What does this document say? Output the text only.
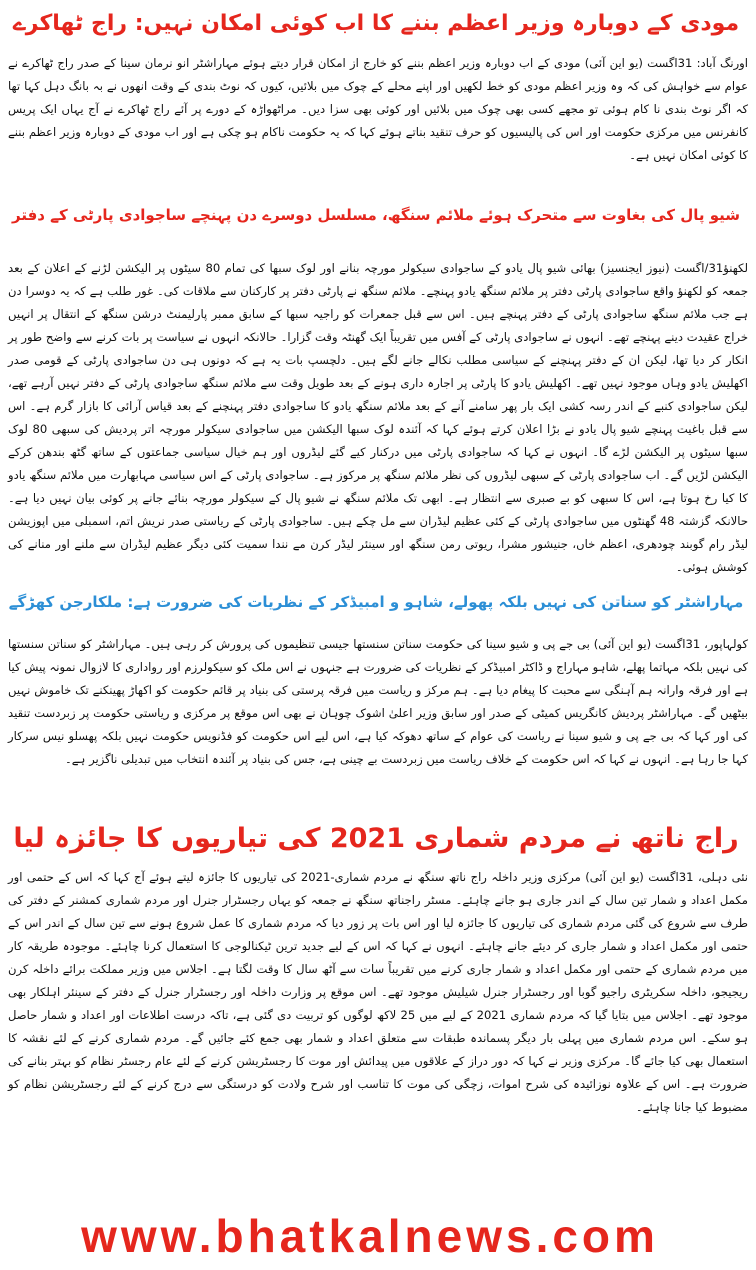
مودی کے دوبارہ وزیر اعظم بننے کا اب کوئی امکان نہیں: راج ٹھاکرے

اورنگ آباد: 31اگست (یو این آئی) مودی کے اب دوبارہ وزیر اعظم بننے کو خارج از امکان قرار دیتے ہوئے مہاراشٹر انو نرمان سینا کے صدر راج ٹھاکرے نے عوام سے خواہش کی کہ وہ وزیر اعظم مودی کو خط لکھیں اور اپنے محلے کے چوک میں بلائیں، کیوں کہ نوٹ بندی کے وقت انھوں نے بہ بانگ دہل کہا تھا کہ اگر نوٹ بندی نا کام ہوئی تو مجھے کسی بھی چوک میں بلائیں اور کوئی بھی سزا دیں۔ مراٹھواڑہ کے دورے پر آئے راج ٹھاکرے نے آج یہاں ایک پریس کانفرنس میں مرکزی حکومت اور اس کی پالیسیوں کو حرف تنقید بناتے ہوئے کہا کہ یہ حکومت ناکام ہو چکی ہے اور اب مودی کے دوبارہ وزیر اعظم بننے کا کوئی امکان نہیں ہے۔

شیو پال کی بغاوت سے متحرک ہوئے ملائم سنگھ، مسلسل دوسرے دن پہنچے ساجوادی پارٹی کے دفتر

لکھنؤ31/اگست (نیوز ایجنسیز) بھائی شیو پال یادو کے ساجوادی سیکولر مورچہ بنانے اور لوک سبھا کی تمام 80 سیٹوں پر الیکشن لڑنے کے اعلان کے بعد جمعہ کو لکھنؤ واقع ساجوادی پارٹی دفتر پر ملائم سنگھ یادو پہنچے۔ ملائم سنگھ نے پارٹی دفتر پر کارکنان سے ملاقات کی۔ غور طلب ہے کہ یہ دوسرا دن ہے جب ملائم سنگھ ساجوادی پارٹی کے دفتر پہنچے ہیں۔ اس سے قبل جمعرات کو راجیہ سبھا کے سابق ممبر پارلیمنٹ درشن سنگھ کے انتقال پر انہیں خراج عقیدت دینے پہنچے تھے۔ انہوں نے ساجوادی پارٹی کے آفس میں تقریباً ایک گھنٹہ وقت گزارا۔ حالانکہ انہوں نے سیاست پر بات کرنے سے واضح طور پر انکار کر دیا تھا، لیکن ان کے دفتر پہنچنے کے سیاسی مطلب نکالے جانے لگے ہیں۔ دلچسپ بات یہ ہے کہ دونوں ہی دن ساجوادی پارٹی کے قومی صدر اکھلیش یادو وہاں موجود نہیں تھے۔ اکھلیش یادو کا پارٹی پر اجارہ داری ہونے کے بعد طویل وقت سے ملائم سنگھ ساجوادی پارٹی کے دفتر نہیں آرہے تھے، لیکن ساجوادی کنبے کے اندر رسہ کشی ایک بار پھر سامنے آنے کے بعد ملائم سنگھ یادو کا ساجوادی دفتر پہنچنے کے بعد قیاس آرائی کا بازار گرم ہے۔ اس سے قبل باغیت پہنچے شیو پال یادو نے بڑا اعلان کرتے ہوئے کہا کہ آئندہ لوک سبھا الیکشن میں ساجوادی سیکولر مورچہ اتر پردیش کی سبھی 80 لوک سبھا سیٹوں پر الیکشن لڑے گا۔ انہوں نے کہا کہ ساجوادی پارٹی میں درکنار کیے گئے لیڈروں اور ہم خیال سیاسی جماعتوں کے ساتھ گٹھ بندھن کرکے الیکشن لڑیں گے۔ اب ساجوادی پارٹی کے سبھی لیڈروں کی نظر ملائم سنگھ پر مرکوز ہے۔ ساجوادی پارٹی کے اس سیاسی مہابھارت میں ملائم سنگھ یادو کا کیا رخ ہوتا ہے، اس کا سبھی کو بے صبری سے انتظار ہے۔ ابھی تک ملائم سنگھ نے شیو پال کے سیکولر مورچہ بنائے جانے پر کوئی بیان نہیں دیا ہے۔ حالانکہ گزشتہ 48 گھنٹوں میں ساجوادی پارٹی کے کئی عظیم لیڈران سے مل چکے ہیں۔ ساجوادی پارٹی کے ریاستی صدر نریش اتم، اسمبلی میں اپوزیشن لیڈر رام گوبند چودھری، اعظم خاں، جنیشور مشرا، ریوتی رمن سنگھ اور سینئر لیڈر کرن مے نندا سمیت کئی دیگر عظیم لیڈران سے ملنے اور منانے کی کوشش ہوئی۔

مہاراشٹر کو سناتن کی نہیں بلکہ پھولے، شاہو و امبیڈکر کے نظریات کی ضرورت ہے: ملکارجن کھڑگے

کولہاپور، 31اگست (یو این آئی) بی جے پی و شیو سینا کی حکومت سناتن سنستھا جیسی تنظیموں کی پرورش کر رہی ہیں۔ مہاراشٹر کو سناتن سنستھا کی نہیں بلکہ مہاتما پھلے، شاہو مہاراج و ڈاکٹر امبیڈکر کے نظریات کی ضرورت ہے جنہوں نے اس ملک کو سیکولرزم اور رواداری کا لازوال نمونہ پیش کیا ہے اور فرقہ وارانہ ہم آہنگی سے محبت کا پیغام دیا ہے۔ ہم مرکز و ریاست میں فرقہ پرستی کی بنیاد پر قائم حکومت کو اکھاڑ پھینکنے تک خاموش نہیں بیٹھیں گے۔ مہاراشٹر پردیش کانگریس کمیٹی کے صدر اور سابق وزیر اعلیٰ اشوک چوہان نے بھی اس موقع پر مرکزی و ریاستی حکومت پر زبردست تنقید کی اور کہا کہ بی جے پی و شیو سینا نے ریاست کی عوام کے ساتھ دھوکہ کیا ہے، اس لیے اس حکومت کو فڈنویس حکومت نہیں بلکہ پھسلو نیس سرکار کہا جا رہا ہے۔ انہوں نے کہا کہ اس حکومت کے خلاف ریاست میں زبردست بے چینی ہے، جس کی بنیاد پر آئندہ انتخاب میں تبدیلی ناگزیر ہے۔

راج ناتھ نے مردم شماری 2021 کی تیاریوں کا جائزہ لیا

نئی دہلی، 31اگست (یو این آئی) مرکزی وزیر داخلہ راج ناتھ سنگھ نے مردم شماری-2021 کی تیاریوں کا جائزہ لیتے ہوئے آج کہا کہ اس کے حتمی اور مکمل اعداد و شمار تین سال کے اندر جاری ہو جانے چاہئے۔ مسٹر راجناتھ سنگھ نے جمعہ کو یہاں رجسٹرار جنرل اور مردم شماری کمشنر کے دفتر کی طرف سے شروع کی گئی مردم شماری کی تیاریوں کا جائزہ لیا اور اس بات پر زور دیا کہ مردم شماری کا عمل شروع ہونے سے تین سال کے اندر اس کے حتمی اور مکمل اعداد و شمار جاری کر دیئے جانے چاہئے۔ انہوں نے کہا کہ اس کے لیے جدید ترین ٹیکنالوجی کا استعمال کرنا چاہئے۔ موجودہ طریقہ کار میں مردم شماری کے حتمی اور مکمل اعداد و شمار جاری کرنے میں تقریباً سات سے آٹھ سال کا وقت لگتا ہے۔ اجلاس میں وزیر مملکت برائے داخلہ کرن ریجیجو، داخلہ سکریٹری راجیو گوبا اور رجسٹرار جنرل شیلیش موجود تھے۔ اس موقع پر وزارت داخلہ اور رجسٹرار جنرل کے دفتر کے سینئر اہلکار بھی موجود تھے۔ اجلاس میں بتایا گیا کہ مردم شماری 2021 کے لیے میں 25 لاکھ لوگوں کو تربیت دی گئی ہے، تاکہ درست اطلاعات اور اعداد و شمار حاصل ہو سکے۔ اس مردم شماری میں پہلی بار دیگر پسماندہ طبقات سے متعلق اعداد و شمار بھی جمع کئے جائیں گے۔ مردم شماری کرنے کے لئے نقشہ کا استعمال بھی کیا جائے گا۔ مرکزی وزیر نے کہا کہ دور دراز کے علاقوں میں پیدائش اور موت کا رجسٹریشن کرنے کے لئے عام رجسٹر نظام کو بہتر بنانے کی ضرورت ہے۔ اس کے علاوہ نوزائیدہ کی شرح اموات، زچگی کی موت کا تناسب اور شرح ولادت کو درستگی سے درج کرنے کے لئے رجسٹریشن نظام کو مضبوط کیا جانا چاہئے۔

www.bhatkalnews.com
